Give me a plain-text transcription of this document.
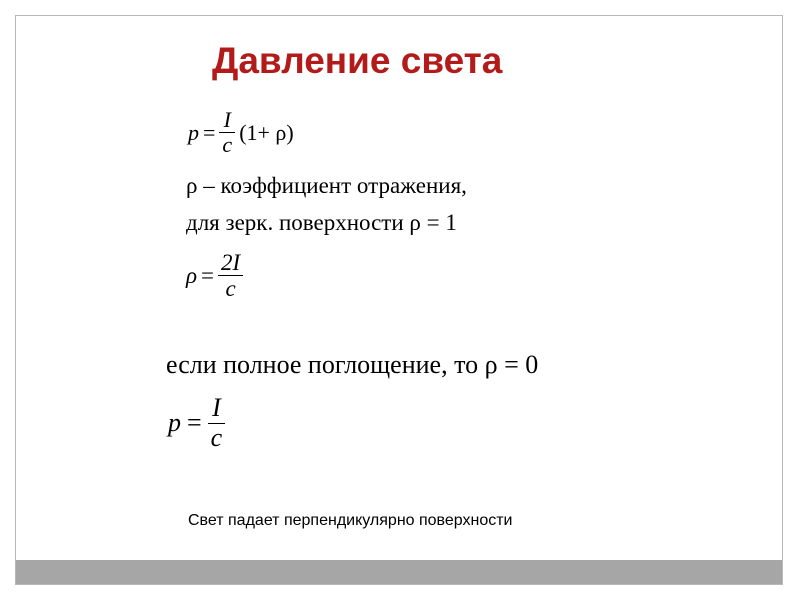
Давление света
$p = \frac{I}{c} (1+ \rho)$
ρ – коэффициент отражения,
для зерк. поверхности ρ = 1
$\rho = \frac{2I}{c}$
если полное поглощение, то ρ = 0
$p = \frac{I}{c}$
Свет падает перпендикулярно поверхности
